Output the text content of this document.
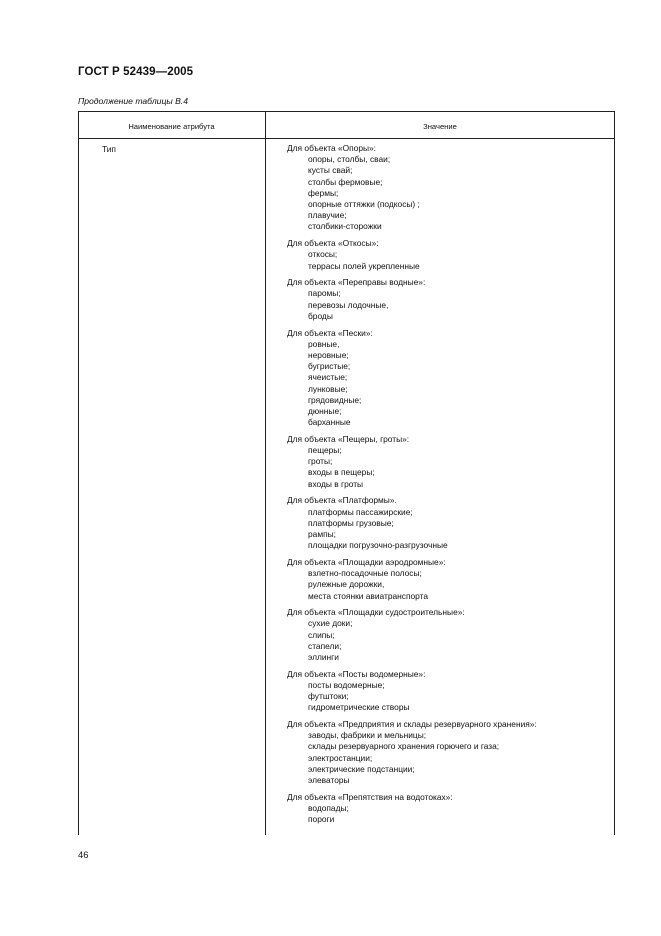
ГОСТ Р 52439—2005
Продолжение таблицы В.4
Наименование атрибута	Значение
Тип	Для объекта «Опоры»:
опоры, столбы, сваи;
кусты свай;
столбы фермовые;
фермы;
опорные оттяжки (подкосы) ;
плавучие;
столбики-сторожки
Для объекта «Откосы»:
откосы;
террасы полей укрепленные
Для объекта «Переправы водные»:
паромы;
перевозы лодочные,
броды
Для объекта «Пески»:
ровные,
неровные;
бугристые;
ячеистые;
лунковые;
грядовидные;
дюнные;
барханные
Для объекта «Пещеры, гроты»:
пещеры;
гроты;
входы в пещеры;
входы в гроты
Для объекта «Платформы».
платформы пассажирские;
платформы грузовые;
рампы;
площадки погрузочно-разгрузочные
Для объекта «Площадки аэродромные»:
взлетно-посадочные полосы;
рулежные дорожки,
места стоянки авиатранспорта
Для объекта «Площадки судостроительные»:
сухие доки;
слипы;
стапели;
эллинги
Для объекта «Посты водомерные»:
посты водомерные;
футштоки;
гидрометрические створы
Для объекта «Предприятия и склады резервуарного хранения»:
заводы, фабрики и мельницы;
склады резервуарного хранения горючего и газа;
электростанции;
электрические подстанции;
элеваторы
Для объекта «Препятствия на водотоках»:
водопады;
пороги
46
